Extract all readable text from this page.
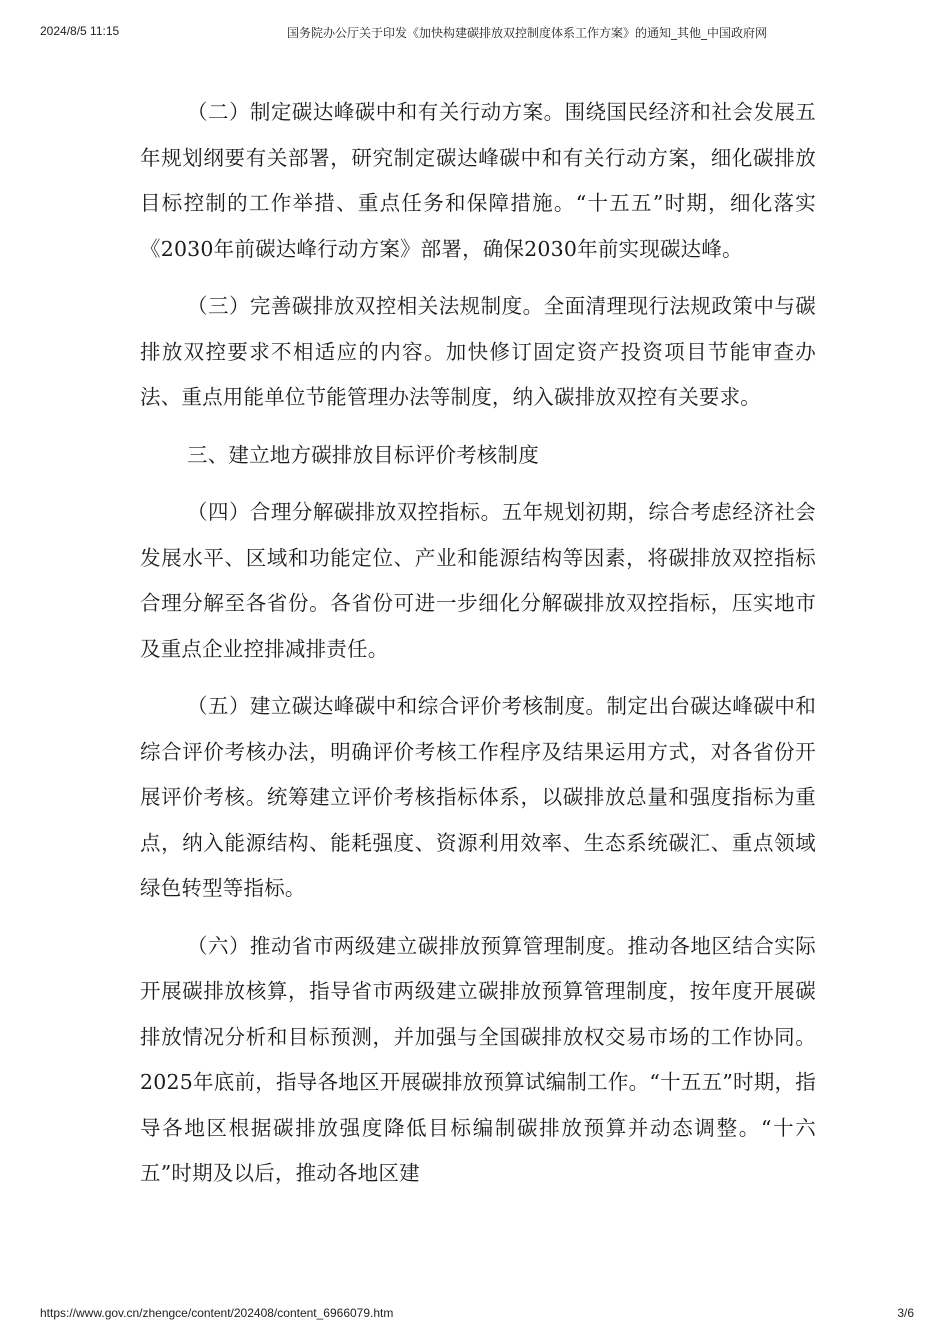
2024/8/5 11:15	国务院办公厅关于印发《加快构建碳排放双控制度体系工作方案》的通知_其他_中国政府网

（二）制定碳达峰碳中和有关行动方案。围绕国民经济和社会发展五年规划纲要有关部署，研究制定碳达峰碳中和有关行动方案，细化碳排放目标控制的工作举措、重点任务和保障措施。“十五五”时期，细化落实《2030年前碳达峰行动方案》部署，确保2030年前实现碳达峰。

（三）完善碳排放双控相关法规制度。全面清理现行法规政策中与碳排放双控要求不相适应的内容。加快修订固定资产投资项目节能审查办法、重点用能单位节能管理办法等制度，纳入碳排放双控有关要求。

三、建立地方碳排放目标评价考核制度

（四）合理分解碳排放双控指标。五年规划初期，综合考虑经济社会发展水平、区域和功能定位、产业和能源结构等因素，将碳排放双控指标合理分解至各省份。各省份可进一步细化分解碳排放双控指标，压实地市及重点企业控排减排责任。

（五）建立碳达峰碳中和综合评价考核制度。制定出台碳达峰碳中和综合评价考核办法，明确评价考核工作程序及结果运用方式，对各省份开展评价考核。统筹建立评价考核指标体系，以碳排放总量和强度指标为重点，纳入能源结构、能耗强度、资源利用效率、生态系统碳汇、重点领域绿色转型等指标。

（六）推动省市两级建立碳排放预算管理制度。推动各地区结合实际开展碳排放核算，指导省市两级建立碳排放预算管理制度，按年度开展碳排放情况分析和目标预测，并加强与全国碳排放权交易市场的工作协同。2025年底前，指导各地区开展碳排放预算试编制工作。“十五五”时期，指导各地区根据碳排放强度降低目标编制碳排放预算并动态调整。“十六五”时期及以后，推动各地区建

https://www.gov.cn/zhengce/content/202408/content_6966079.htm	3/6
